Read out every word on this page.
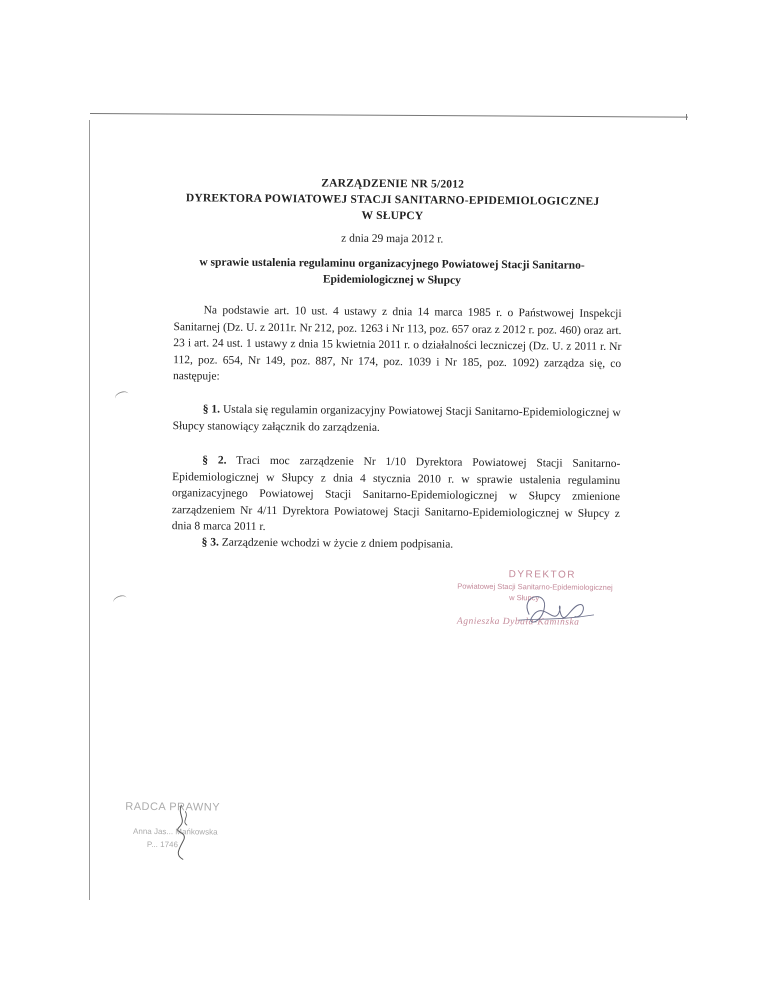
ZARZĄDZENIE NR 5/2012
DYREKTORA POWIATOWEJ STACJI SANITARNO-EPIDEMIOLOGICZNEJ
W SŁUPCY
z dnia 29 maja 2012 r.
w sprawie ustalenia regulaminu organizacyjnego Powiatowej Stacji Sanitarno-
Epidemiologicznej w Słupcy
Na podstawie art. 10 ust. 4 ustawy z dnia 14 marca 1985 r. o Państwowej Inspekcji Sanitarnej (Dz. U. z 2011r. Nr 212, poz. 1263 i Nr 113, poz. 657 oraz z 2012 r. poz. 460) oraz art. 23 i art. 24 ust. 1 ustawy z dnia 15 kwietnia 2011 r. o działalności leczniczej (Dz. U. z 2011 r. Nr 112, poz. 654, Nr 149, poz. 887, Nr 174, poz. 1039 i Nr 185, poz. 1092) zarządza się, co następuje:
§ 1. Ustala się regulamin organizacyjny Powiatowej Stacji Sanitarno-Epidemiologicznej w Słupcy stanowiący załącznik do zarządzenia.
§ 2. Traci moc zarządzenie Nr 1/10 Dyrektora Powiatowej Stacji Sanitarno-Epidemiologicznej w Słupcy z dnia 4 stycznia 2010 r. w sprawie ustalenia regulaminu organizacyjnego Powiatowej Stacji Sanitarno-Epidemiologicznej w Słupcy zmienione zarządzeniem Nr 4/11 Dyrektora Powiatowej Stacji Sanitarno-Epidemiologicznej w Słupcy z dnia 8 marca 2011 r.
§ 3. Zarządzenie wchodzi w życie z dniem podpisania.
DYREKTOR
Powiatowej Stacji Sanitarno-Epidemiologicznej
w Słupcy
Agnieszka Dybała-Kamińska
RADCA PRAWNY
Anna Jas... Mańkowska
P... 1746
